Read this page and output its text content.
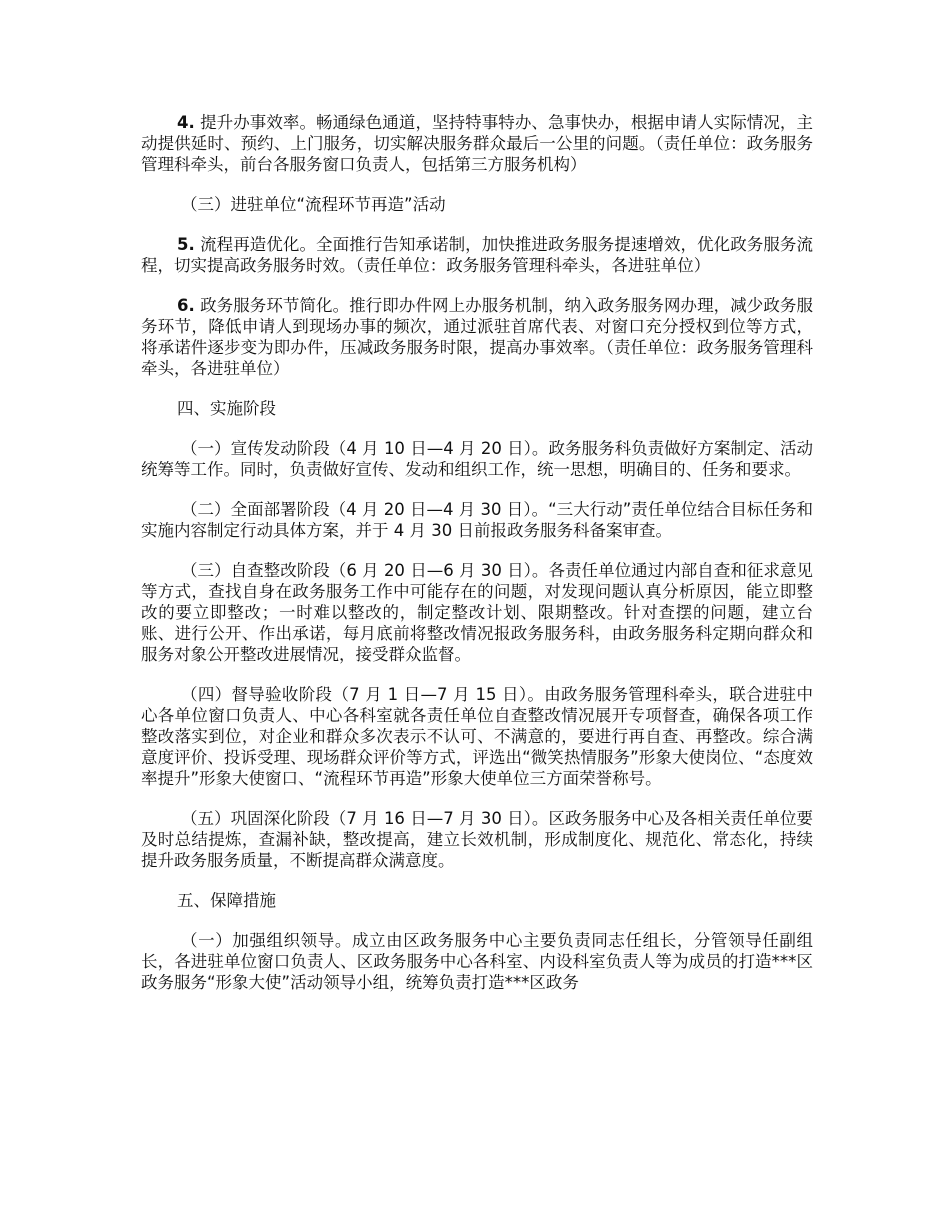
4. 提升办事效率。畅通绿色通道，坚持特事特办、急事快办，根据申请人实际情况，主动提供延时、预约、上门服务，切实解决服务群众最后一公里的问题。（责任单位：政务服务管理科牵头，前台各服务窗口负责人，包括第三方服务机构）

（三）进驻单位“流程环节再造”活动

5. 流程再造优化。全面推行告知承诺制，加快推进政务服务提速增效，优化政务服务流程，切实提高政务服务时效。（责任单位：政务服务管理科牵头，各进驻单位）

6. 政务服务环节简化。推行即办件网上办服务机制，纳入政务服务网办理，减少政务服务环节，降低申请人到现场办事的频次，通过派驻首席代表、对窗口充分授权到位等方式，将承诺件逐步变为即办件，压减政务服务时限，提高办事效率。（责任单位：政务服务管理科牵头，各进驻单位）

四、实施阶段

（一）宣传发动阶段（4 月 10 日—4 月 20 日）。政务服务科负责做好方案制定、活动统筹等工作。同时，负责做好宣传、发动和组织工作，统一思想，明确目的、任务和要求。

（二）全面部署阶段（4 月 20 日—4 月 30 日）。“三大行动”责任单位结合目标任务和实施内容制定行动具体方案，并于 4 月 30 日前报政务服务科备案审查。

（三）自查整改阶段（6 月 20 日—6 月 30 日）。各责任单位通过内部自查和征求意见等方式，查找自身在政务服务工作中可能存在的问题，对发现问题认真分析原因，能立即整改的要立即整改；一时难以整改的，制定整改计划、限期整改。针对查摆的问题，建立台账、进行公开、作出承诺，每月底前将整改情况报政务服务科，由政务服务科定期向群众和服务对象公开整改进展情况，接受群众监督。

（四）督导验收阶段（7 月 1 日—7 月 15 日）。由政务服务管理科牵头，联合进驻中心各单位窗口负责人、中心各科室就各责任单位自查整改情况展开专项督查，确保各项工作整改落实到位，对企业和群众多次表示不认可、不满意的，要进行再自查、再整改。综合满意度评价、投诉受理、现场群众评价等方式，评选出“微笑热情服务”形象大使岗位、“态度效率提升”形象大使窗口、“流程环节再造”形象大使单位三方面荣誉称号。

（五）巩固深化阶段（7 月 16 日—7 月 30 日）。区政务服务中心及各相关责任单位要及时总结提炼，查漏补缺，整改提高，建立长效机制，形成制度化、规范化、常态化，持续提升政务服务质量，不断提高群众满意度。

五、保障措施

（一）加强组织领导。成立由区政务服务中心主要负责同志任组长，分管领导任副组长，各进驻单位窗口负责人、区政务服务中心各科室、内设科室负责人等为成员的打造***区政务服务“形象大使”活动领导小组，统筹负责打造***区政务
